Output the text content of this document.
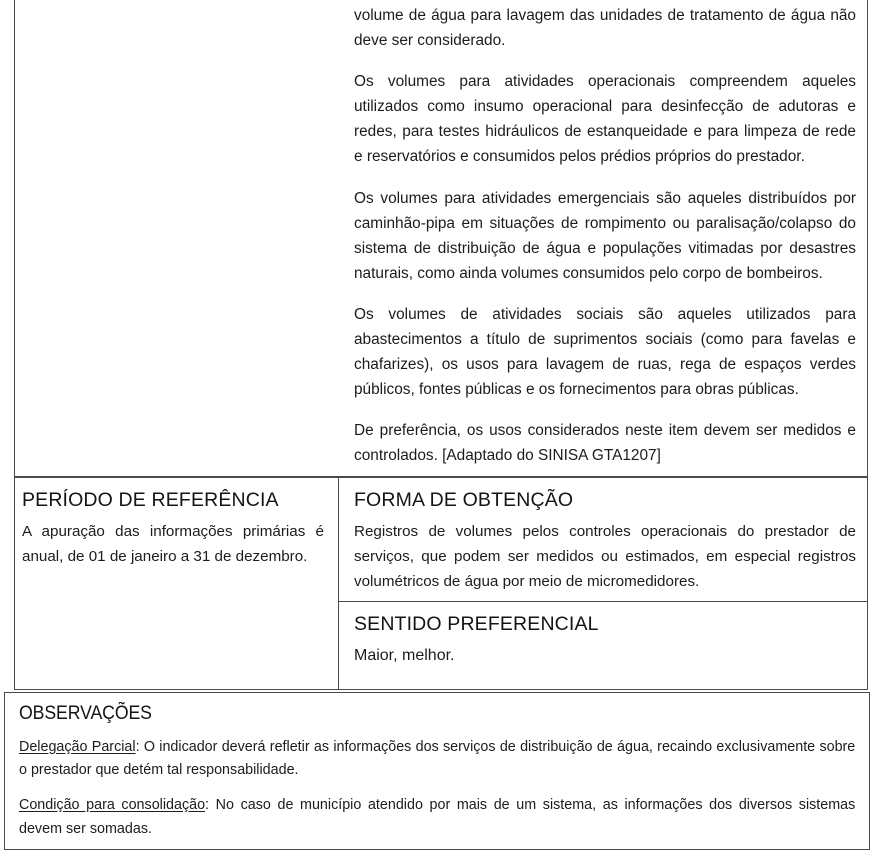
volume de água para lavagem das unidades de tratamento de água não deve ser considerado.

Os volumes para atividades operacionais compreendem aqueles utilizados como insumo operacional para desinfecção de adutoras e redes, para testes hidráulicos de estanqueidade e para limpeza de rede e reservatórios e consumidos pelos prédios próprios do prestador.

Os volumes para atividades emergenciais são aqueles distribuídos por caminhão-pipa em situações de rompimento ou paralisação/colapso do sistema de distribuição de água e populações vitimadas por desastres naturais, como ainda volumes consumidos pelo corpo de bombeiros.

Os volumes de atividades sociais são aqueles utilizados para abastecimentos a título de suprimentos sociais (como para favelas e chafarizes), os usos para lavagem de ruas, rega de espaços verdes públicos, fontes públicas e os fornecimentos para obras públicas.

De preferência, os usos considerados neste item devem ser medidos e controlados. [Adaptado do SINISA GTA1207]

PERÍODO DE REFERÊNCIA

A apuração das informações primárias é anual, de 01 de janeiro a 31 de dezembro.

FORMA DE OBTENÇÃO

Registros de volumes pelos controles operacionais do prestador de serviços, que podem ser medidos ou estimados, em especial registros volumétricos de água por meio de micromedidores.

SENTIDO PREFERENCIAL

Maior, melhor.

OBSERVAÇÕES

Delegação Parcial: O indicador deverá refletir as informações dos serviços de distribuição de água, recaindo exclusivamente sobre o prestador que detém tal responsabilidade.

Condição para consolidação: No caso de município atendido por mais de um sistema, as informações dos diversos sistemas devem ser somadas.
